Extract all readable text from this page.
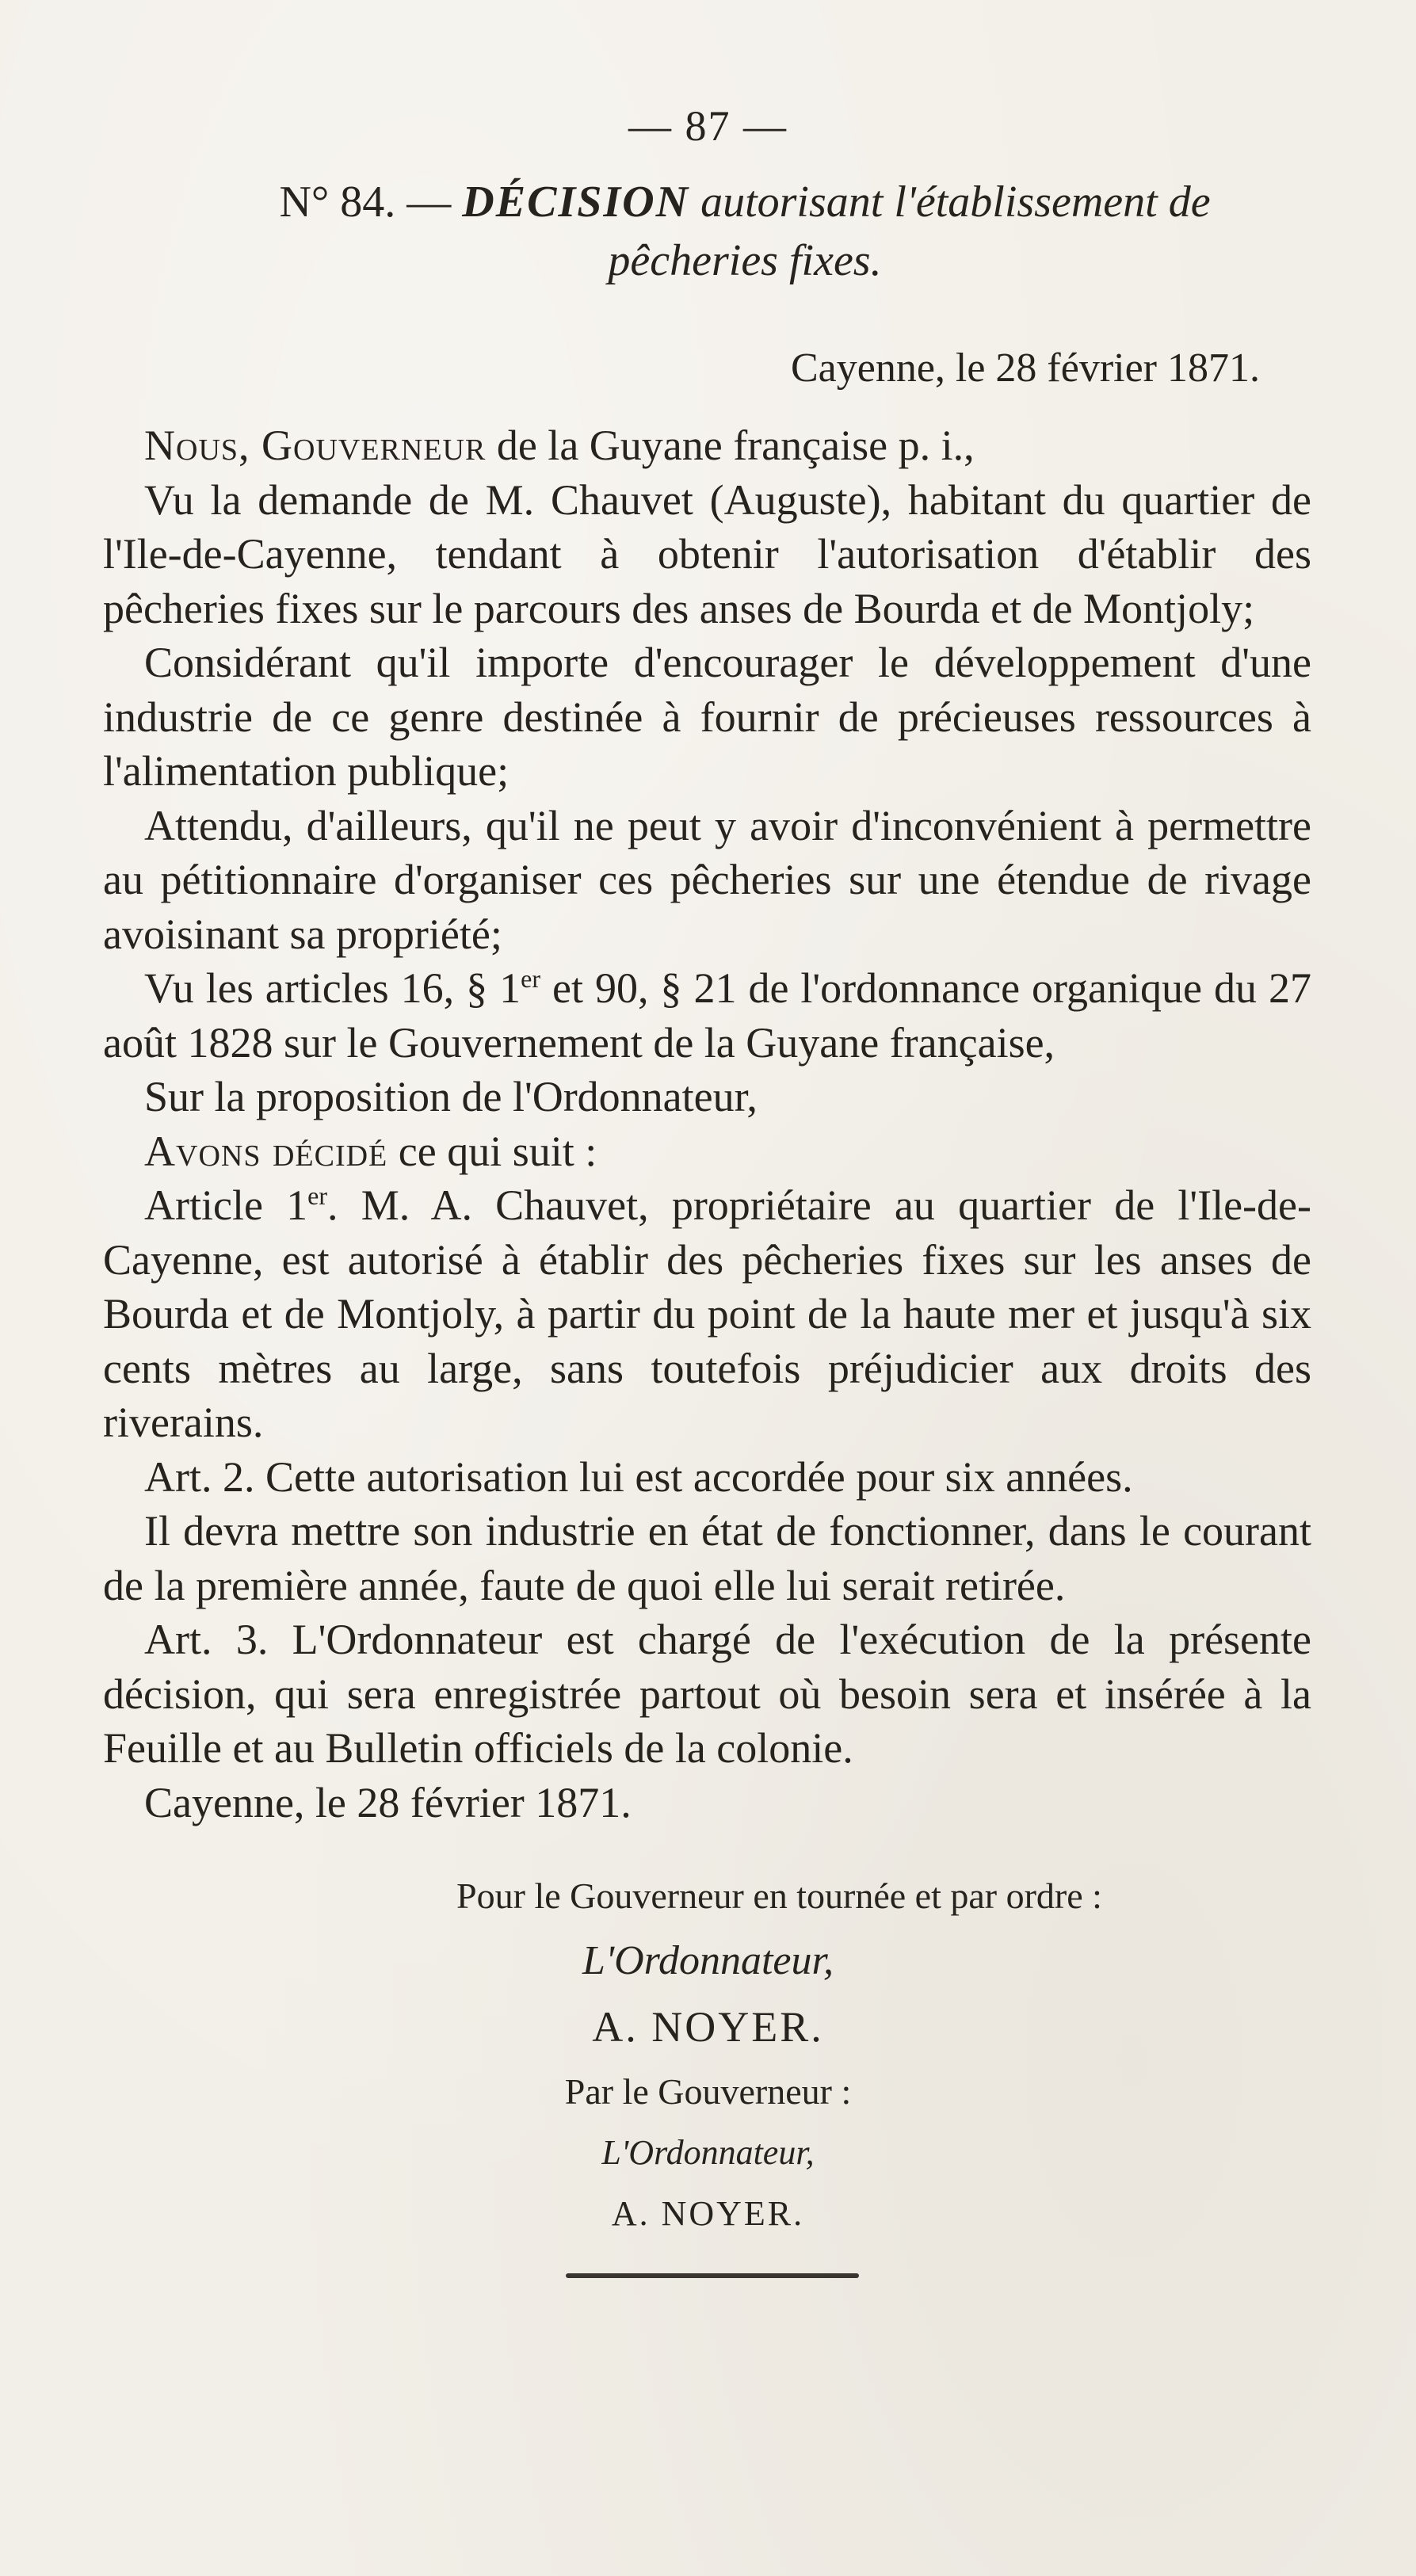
— 87 —
N° 84. — DÉCISION autorisant l'établissement de
pêcheries fixes.
Cayenne, le 28 février 1871.

Nous, Gouverneur de la Guyane française p. i.,

Vu la demande de M. Chauvet (Auguste), habitant du quartier de l'Ile-de-Cayenne, tendant à obtenir l'autorisation d'établir des pêcheries fixes sur le parcours des anses de Bourda et de Montjoly;

Considérant qu'il importe d'encourager le développement d'une industrie de ce genre destinée à fournir de précieuses ressources à l'alimentation publique;

Attendu, d'ailleurs, qu'il ne peut y avoir d'inconvénient à permettre au pétitionnaire d'organiser ces pêcheries sur une étendue de rivage avoisinant sa propriété;

Vu les articles 16, § 1er et 90, § 21 de l'ordonnance organique du 27 août 1828 sur le Gouvernement de la Guyane française,

Sur la proposition de l'Ordonnateur,

Avons décidé ce qui suit :

Article 1er. M. A. Chauvet, propriétaire au quartier de l'Ile-de-Cayenne, est autorisé à établir des pêcheries fixes sur les anses de Bourda et de Montjoly, à partir du point de la haute mer et jusqu'à six cents mètres au large, sans toutefois préjudicier aux droits des riverains.

Art. 2. Cette autorisation lui est accordée pour six années.

Il devra mettre son industrie en état de fonctionner, dans le courant de la première année, faute de quoi elle lui serait retirée.

Art. 3. L'Ordonnateur est chargé de l'exécution de la présente décision, qui sera enregistrée partout où besoin sera et insérée à la Feuille et au Bulletin officiels de la colonie.

Cayenne, le 28 février 1871.

Pour le Gouverneur en tournée et par ordre :
L'Ordonnateur,
A. NOYER.
Par le Gouverneur :
L'Ordonnateur,
A. NOYER.
